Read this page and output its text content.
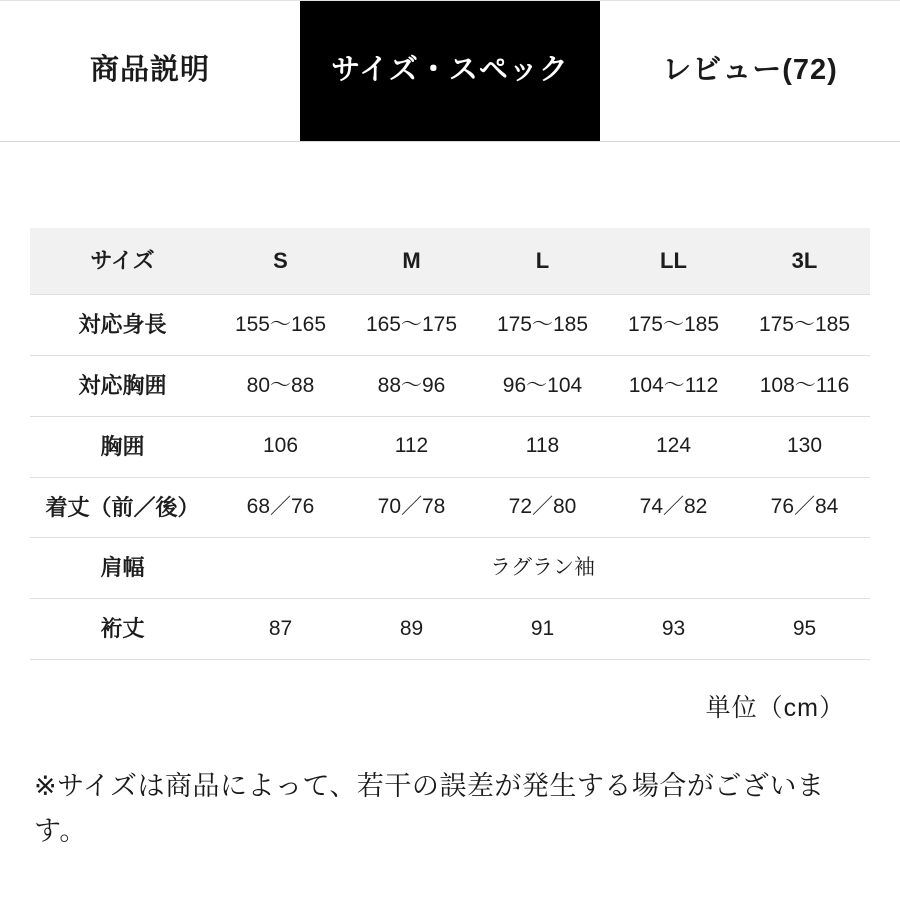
商品説明	サイズ・スペック	レビュー(72)
サイズ	S	M	L	LL	3L
対応身長	155〜165	165〜175	175〜185	175〜185	175〜185
対応胸囲	80〜88	88〜96	96〜104	104〜112	108〜116
胸囲	106	112	118	124	130
着丈（前／後）	68／76	70／78	72／80	74／82	76／84
肩幅	ラグラン袖				
裄丈	87	89	91	93	95
単位（cm）
※サイズは商品によって、若干の誤差が発生する場合がございます。
